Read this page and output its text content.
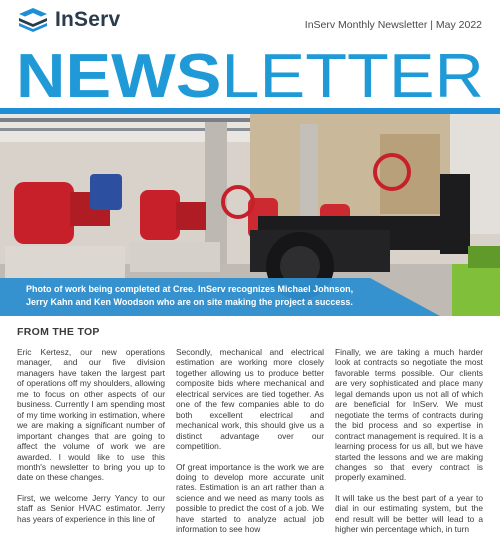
InServ	InServ Monthly Newsletter | May 2022
NEWS LETTER
Photo of work being completed at Cree. InServ recognizes Michael Johnson, Jerry Kahn and Ken Woodson who are on site making the project a success.
FROM THE TOP

Eric Kertesz, our new operations manager, and our five division managers have taken the largest part of operations off my shoulders, allowing me to focus on other aspects of our business. Currently I am spending most of my time working in estimation, where we are making a significant number of important changes that are going to affect the volume of work we are awarded. I would like to use this month's newsletter to bring you up to date on these changes.

First, we welcome Jerry Yancy to our staff as Senior HVAC estimator. Jerry has years of experience in this line of

Secondly, mechanical and electrical estimation are working more closely together allowing us to produce better composite bids where mechanical and electrical services are tied together. As one of the few companies able to do both excellent electrical and mechanical work, this should give us a distinct advantage over our competition.

Of great importance is the work we are doing to develop more accurate unit rates. Estimation is an art rather than a science and we need as many tools as possible to predict the cost of a job. We have started to analyze actual job information to see how

Finally, we are taking a much harder look at contracts so negotiate the most favorable terms possible. Our clients are very sophisticated and place many legal demands upon us not all of which are beneficial for InServ. We must negotiate the terms of contracts during the bid process and so expertise in contract management is required. It is a learning process for us all, but we have started the lessons and we are making changes so that every contract is properly examined.

It will take us the best part of a year to dial in our estimating system, but the end result will be better will lead to a higher win percentage which, in turn
